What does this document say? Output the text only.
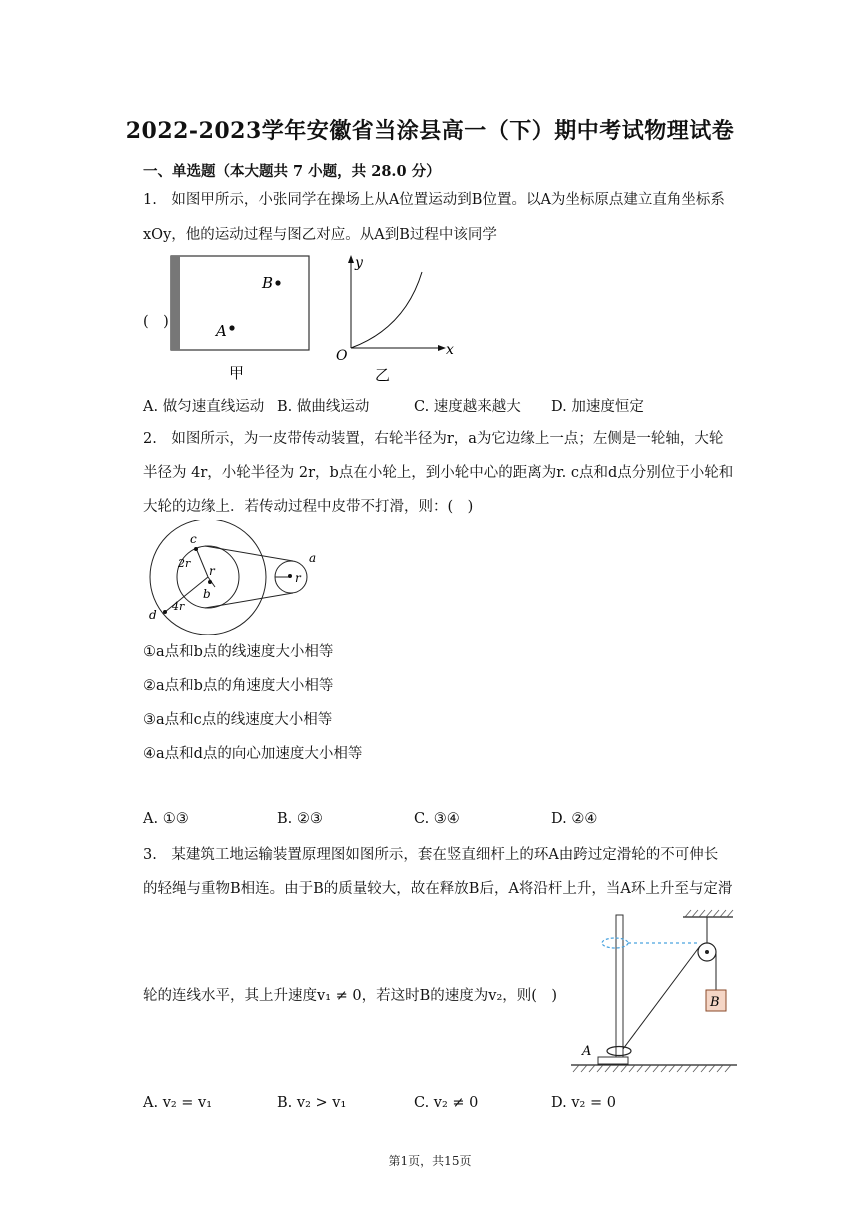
2022-2023学年安徽省当涂县高一（下）期中考试物理试卷
一、单选题（本大题共 7 小题，共 28.0 分）
1.　如图甲所示，小张同学在操场上从A位置运动到B位置。以A为坐标原点建立直角坐标系
xOy，他的运动过程与图乙对应。从A到B过程中该同学
(　)
B
A
甲
y
x
O
乙
A. 做匀速直线运动 B. 做曲线运动	C. 速度越来越大 D. 加速度恒定
2.　如图所示，为一皮带传动装置，右轮半径为r，a为它边缘上一点；左侧是一轮轴，大轮
半径为 4r，小轮半径为 2r，b点在小轮上，到小轮中心的距离为r. c点和d点分别位于小轮和
大轮的边缘上．若传动过程中皮带不打滑，则：(　)
c
2r
r
b
d
4r
a
r
①a点和b点的线速度大小相等
②a点和b点的角速度大小相等
③a点和c点的线速度大小相等
④a点和d点的向心加速度大小相等
A. ①③	B. ②③	C. ③④	D. ②④
3.　某建筑工地运输装置原理图如图所示，套在竖直细杆上的环A由跨过定滑轮的不可伸长
的轻绳与重物B相连。由于B的质量较大，故在释放B后，A将沿杆上升，当A环上升至与定滑
轮的连线水平，其上升速度v₁ ≠ 0，若这时B的速度为v₂，则(　)	B
A
A. v₂ = v₁	B. v₂ > v₁	C. v₂ ≠ 0	D. v₂ = 0
第1页，共15页
